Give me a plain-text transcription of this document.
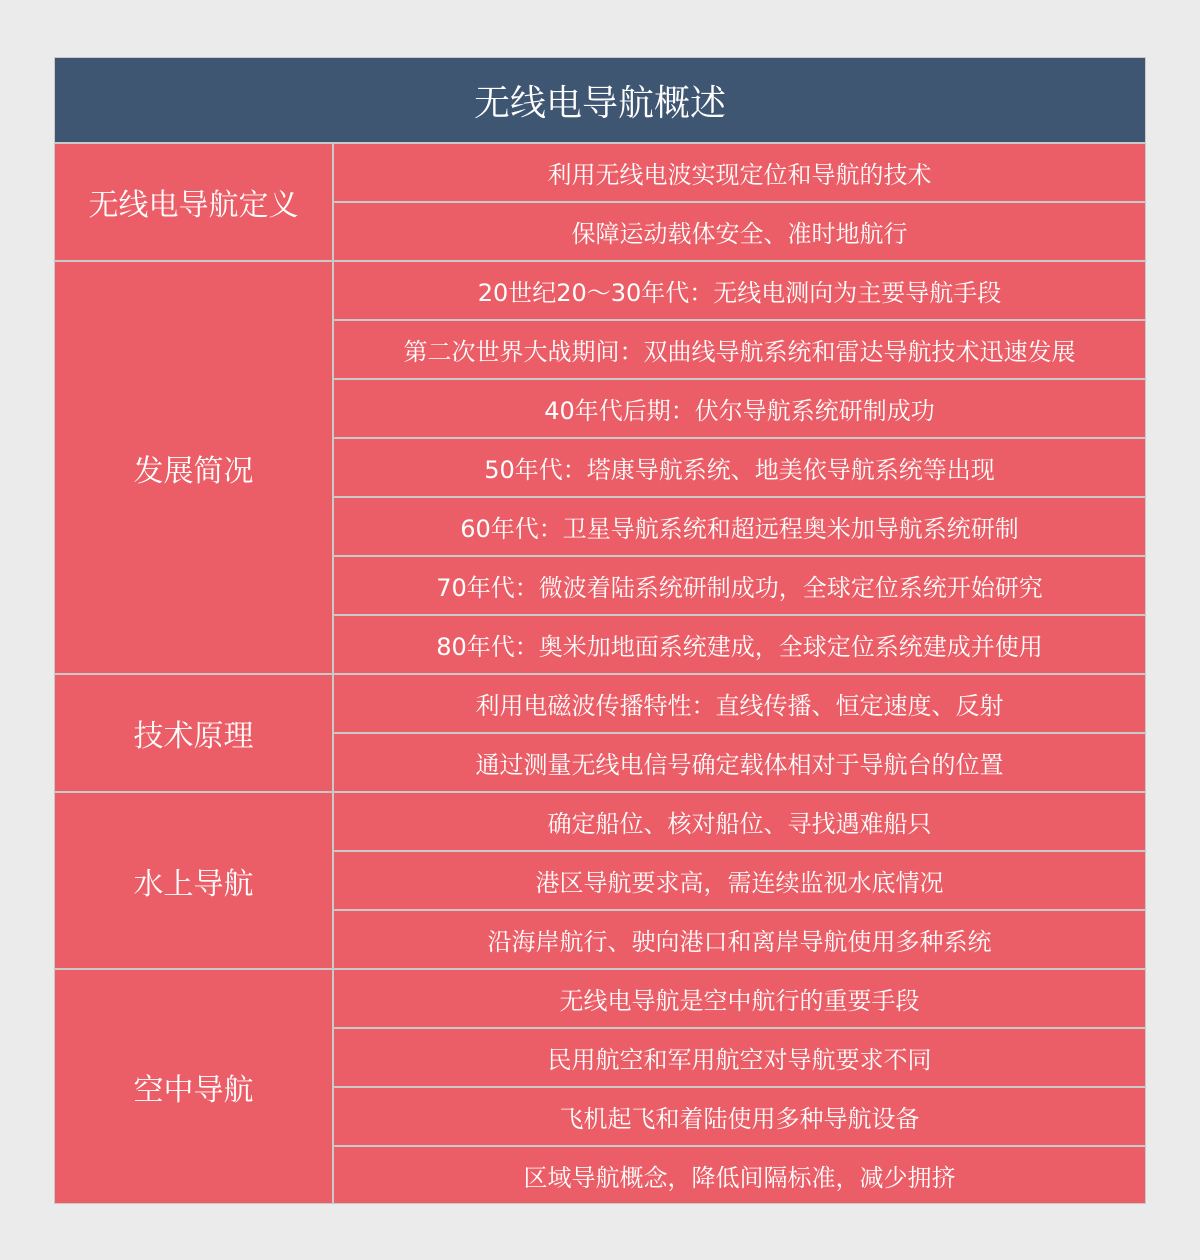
无线电导航概述
无线电导航定义
利用无线电波实现定位和导航的技术
保障运动载体安全、准时地航行
发展简况
20世纪20～30年代：无线电测向为主要导航手段
第二次世界大战期间：双曲线导航系统和雷达导航技术迅速发展
40年代后期：伏尔导航系统研制成功
50年代：塔康导航系统、地美依导航系统等出现
60年代：卫星导航系统和超远程奥米加导航系统研制
70年代：微波着陆系统研制成功，全球定位系统开始研究
80年代：奥米加地面系统建成，全球定位系统建成并使用
技术原理
利用电磁波传播特性：直线传播、恒定速度、反射
通过测量无线电信号确定载体相对于导航台的位置
水上导航
确定船位、核对船位、寻找遇难船只
港区导航要求高，需连续监视水底情况
沿海岸航行、驶向港口和离岸导航使用多种系统
空中导航
无线电导航是空中航行的重要手段
民用航空和军用航空对导航要求不同
飞机起飞和着陆使用多种导航设备
区域导航概念，降低间隔标准，减少拥挤
